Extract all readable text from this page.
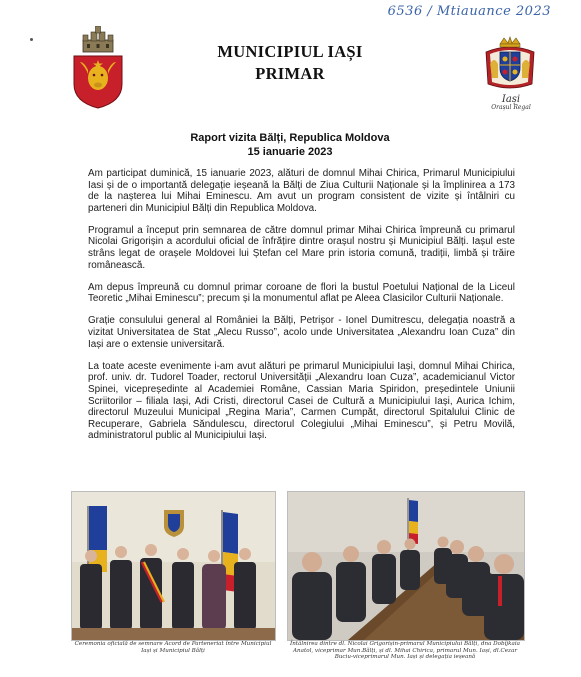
6536 / Mtiauance 2023
MUNICIPIUL IAȘI
PRIMAR
Iași
Orașul Regal
Raport vizita Bălți, Republica Moldova
15 ianuarie 2023

Am participat duminică, 15 ianuarie 2023, alături de domnul Mihai Chirica, Primarul Municipiului Iasi și de o importantă delegație ieșeană la Bălți de Ziua Culturii Naționale și la împlinirea a 173 de la nașterea lui Mihai Eminescu. Am avut un program consistent de vizite și întâlniri cu parteneri din Municipiul Bălți din Republica Moldova.

Programul a început prin semnarea de către domnul primar Mihai Chirica împreună cu primarul Nicolai Grigorișin a acordului oficial de înfrățire dintre orașul nostru și Municipiul Bălți. Iașul este strâns legat de orașele Moldovei lui Ștefan cel Mare prin istoria comună, tradiții, limbă și trăire românească.

Am depus împreună cu domnul primar coroane de flori la bustul Poetului Național de la Liceul Teoretic „Mihai Eminescu”; precum și la monumentul aflat pe Aleea Clasicilor Culturii Naționale.

Grație consulului general al României la Bălți, Petrișor - Ionel Dumitrescu, delegația noastră a vizitat Universitatea de Stat „Alecu Russo”, acolo unde Universitatea „Alexandru Ioan Cuza” din Iași are o extensie universitară.

La toate aceste evenimente i-am avut alături pe primarul Municipiului Iași, domnul Mihai Chirica, prof. univ. dr. Tudorel Toader, rectorul Universității „Alexandru Ioan Cuza”, academicianul Victor Spinei, vicepreședinte al Academiei Române, Cassian Maria Spiridon, președintele Uniunii Scriitorilor – filiala Iași, Adi Cristi, directorul Casei de Cultură a Municipiului Iași, Aurica Ichim, directorul Muzeului Municipal „Regina Maria”, Carmen Cumpăt, directorul Spitalului Clinic de Recuperare, Gabriela Săndulescu, directorul Colegiului „Mihai Eminescu”, și Petru Movilă, administratorul public al Municipiului Iași.

Ceremonia oficială de semnare Acord de Parteneriat între Municipiul Iași și Municipiul Bălți
Întâlnirea dintre dl. Nicolai Grigorișin-primarul Municipiului Bălți, dna Dobîjkaia Anatol, viceprimar Mun.Bălți, și dl. Mihai Chirica, primarul Mun. Iași, dl.Cezar Buciu-viceprimarul Mun. Iași și delegația ieșeană
